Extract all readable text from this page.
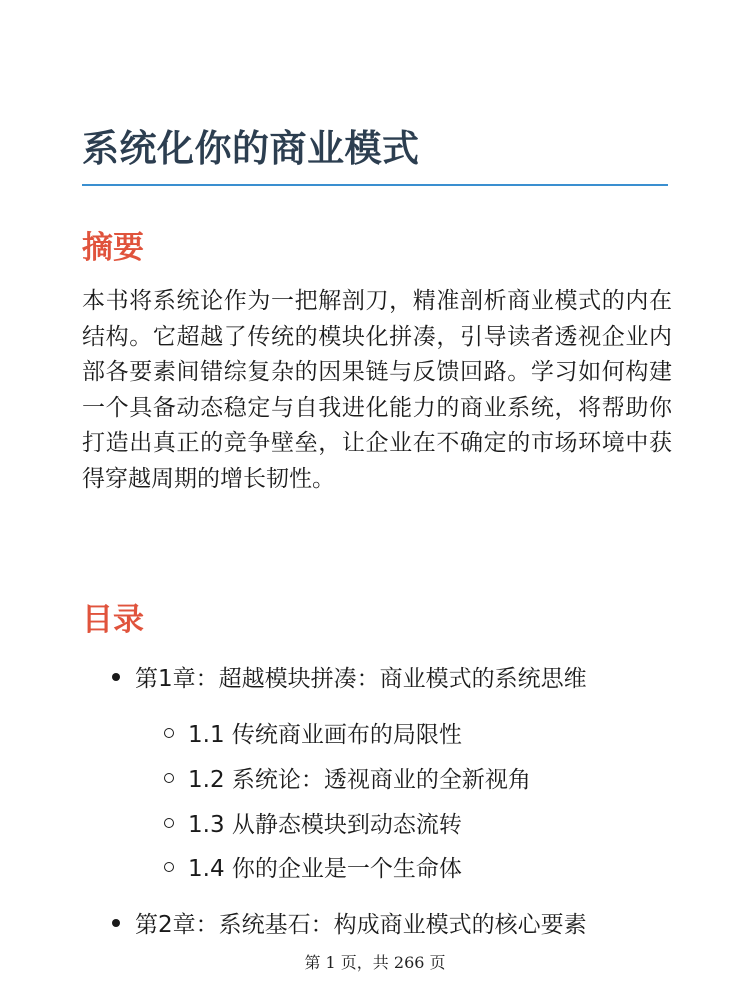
系统化你的商业模式
摘要

本书将系统论作为一把解剖刀，精准剖析商业模式的内在结构。它超越了传统的模块化拼凑，引导读者透视企业内部各要素间错综复杂的因果链与反馈回路。学习如何构建一个具备动态稳定与自我进化能力的商业系统，将帮助你打造出真正的竞争壁垒，让企业在不确定的市场环境中获得穿越周期的增长韧性。

目录
第1章：超越模块拼凑：商业模式的系统思维
1.1 传统商业画布的局限性
1.2 系统论：透视商业的全新视角
1.3 从静态模块到动态流转
1.4 你的企业是一个生命体
第2章：系统基石：构成商业模式的核心要素
第 1 页，共 266 页
